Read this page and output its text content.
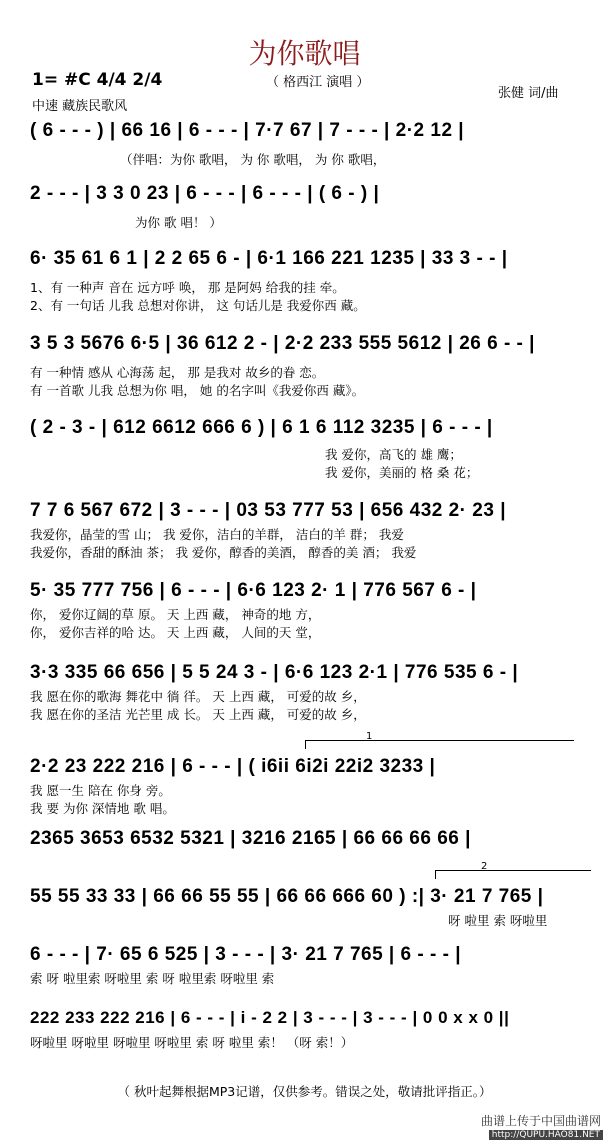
为你歌唱
1= #C 4/4 2/4	（ 格西江 演唱 ）
中速 藏族民歌风
张健 词/曲
( 6 - - - ) | 66 16 | 6 - - - | 7·7 67 | 7 - - - | 2·2 12 |
（伴唱：为你 歌唱， 为 你 歌唱， 为 你 歌唱，
2 - - - | 3 3 0 23 | 6 - - - | 6 - - - | ( 6 - ) |
为你 歌 唱！ ）
6· 35 61 6 1 | 2 2 65 6 - | 6·1 166 221 1235 | 33 3 - - |
1、有 一种声 音在 远方呼 唤， 那 是阿妈 给我的挂 牵。
2、有 一句话 儿我 总想对你讲， 这 句话儿是 我爱你西 藏。
3 5 3 5676 6·5 | 36 612 2 - | 2·2 233 555 5612 | 26 6 - - |
有 一种情 感从 心海荡 起， 那 是我对 故乡的眷 恋。
有 一首歌 儿我 总想为你 唱， 她 的名字叫《我爱你西 藏》。
( 2 - 3 - | 612 6612 666 6 ) | 6 1 6 112 3235 | 6 - - - |
我 爱你，高飞的 雄 鹰；
我 爱你，美丽的 格 桑 花；
7 7 6 567 672 | 3 - - - | 03 53 777 53 | 656 432 2· 23 |
我爱你，晶莹的雪 山； 我 爱你，洁白的羊群， 洁白的羊 群； 我爱
我爱你，香甜的酥油 茶； 我 爱你，醇香的美酒， 醇香的美 酒； 我爱
5· 35 777 756 | 6 - - - | 6·6 123 2· 1 | 776 567 6 - |
你， 爱你辽阔的草 原。 天 上西 藏， 神奇的地 方，
你， 爱你吉祥的哈 达。 天 上西 藏， 人间的天 堂，
3·3 335 66 656 | 5 5 24 3 - | 6·6 123 2·1 | 776 535 6 - |
我 愿在你的歌海 舞花中 徜 徉。 天 上西 藏， 可爱的故 乡，
我 愿在你的圣洁 光芒里 成 长。 天 上西 藏， 可爱的故 乡，
1
2·2 23 222 216 | 6 - - - | ( i6ii 6i2i 22i2 3233 |
我 愿一生 陪在 你身 旁。
我 要 为你 深情地 歌 唱。
2365 3653 6532 5321 | 3216 2165 | 66 66 66 66 |
2
55 55 33 33 | 66 66 55 55 | 66 66 666 60 ) :| 3· 21 7 765 |
呀 啦里 索 呀啦里
6 - - - | 7· 65 6 525 | 3 - - - | 3· 21 7 765 | 6 - - - |
索 呀 啦里索 呀啦里 索 呀 啦里索 呀啦里 索
222 233 222 216 | 6 - - - | i - 2 2 | 3 - - - | 3 - - - | 0 0 x x 0 ||
呀啦里 呀啦里 呀啦里 呀啦里 索 呀 啦里 索！ （呀 索！）
（ 秋叶起舞根据MP3记谱，仅供参考。错误之处，敬请批评指正。）
曲谱上传于中国曲谱网
http://QUPU.HAO81.NET
